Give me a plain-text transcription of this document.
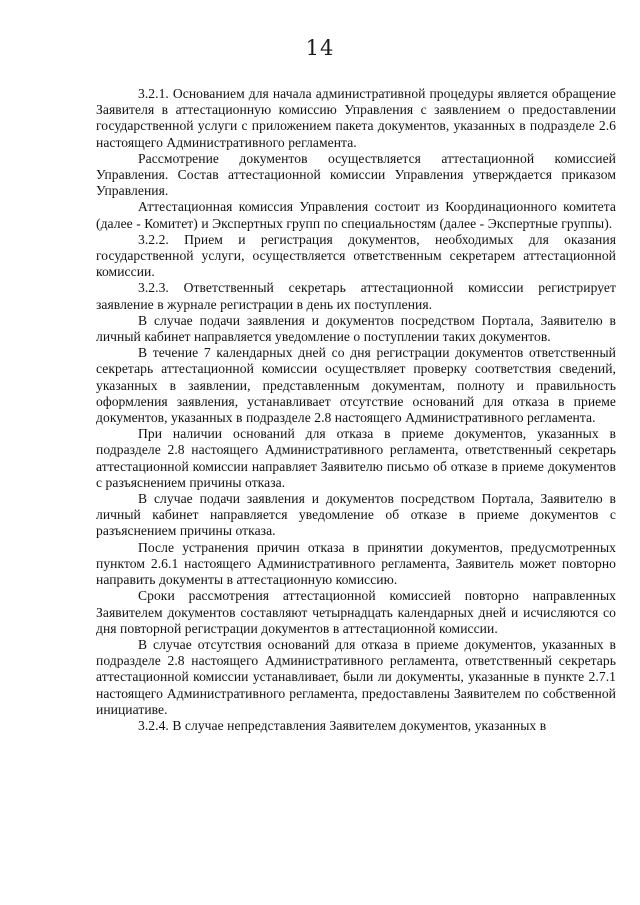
14

3.2.1. Основанием для начала административной процедуры является обращение Заявителя в аттестационную комиссию Управления с заявлением о предоставлении государственной услуги с приложением пакета документов, указанных в подразделе 2.6 настоящего Административного регламента.

Рассмотрение документов осуществляется аттестационной комиссией Управления. Состав аттестационной комиссии Управления утверждается приказом Управления.

Аттестационная комиссия Управления состоит из Координационного комитета (далее - Комитет) и Экспертных групп по специальностям (далее - Экспертные группы).

3.2.2. Прием и регистрация документов, необходимых для оказания государственной услуги, осуществляется ответственным секретарем аттестационной комиссии.

3.2.3. Ответственный секретарь аттестационной комиссии регистрирует заявление в журнале регистрации в день их поступления.

В случае подачи заявления и документов посредством Портала, Заявителю в личный кабинет направляется уведомление о поступлении таких документов.

В течение 7 календарных дней со дня регистрации документов ответственный секретарь аттестационной комиссии осуществляет проверку соответствия сведений, указанных в заявлении, представленным документам, полноту и правильность оформления заявления, устанавливает отсутствие оснований для отказа в приеме документов, указанных в подразделе 2.8 настоящего Административного регламента.

При наличии оснований для отказа в приеме документов, указанных в подразделе 2.8 настоящего Административного регламента, ответственный секретарь аттестационной комиссии направляет Заявителю письмо об отказе в приеме документов с разъяснением причины отказа.

В случае подачи заявления и документов посредством Портала, Заявителю в личный кабинет направляется уведомление об отказе в приеме документов с разъяснением причины отказа.

После устранения причин отказа в принятии документов, предусмотренных пунктом 2.6.1 настоящего Административного регламента, Заявитель может повторно направить документы в аттестационную комиссию.

Сроки рассмотрения аттестационной комиссией повторно направленных Заявителем документов составляют четырнадцать календарных дней и исчисляются со дня повторной регистрации документов в аттестационной комиссии.

В случае отсутствия оснований для отказа в приеме документов, указанных в подразделе 2.8 настоящего Административного регламента, ответственный секретарь аттестационной комиссии устанавливает, были ли документы, указанные в пункте 2.7.1 настоящего Административного регламента, предоставлены Заявителем по собственной инициативе.

3.2.4. В случае непредставления Заявителем документов, указанных в
